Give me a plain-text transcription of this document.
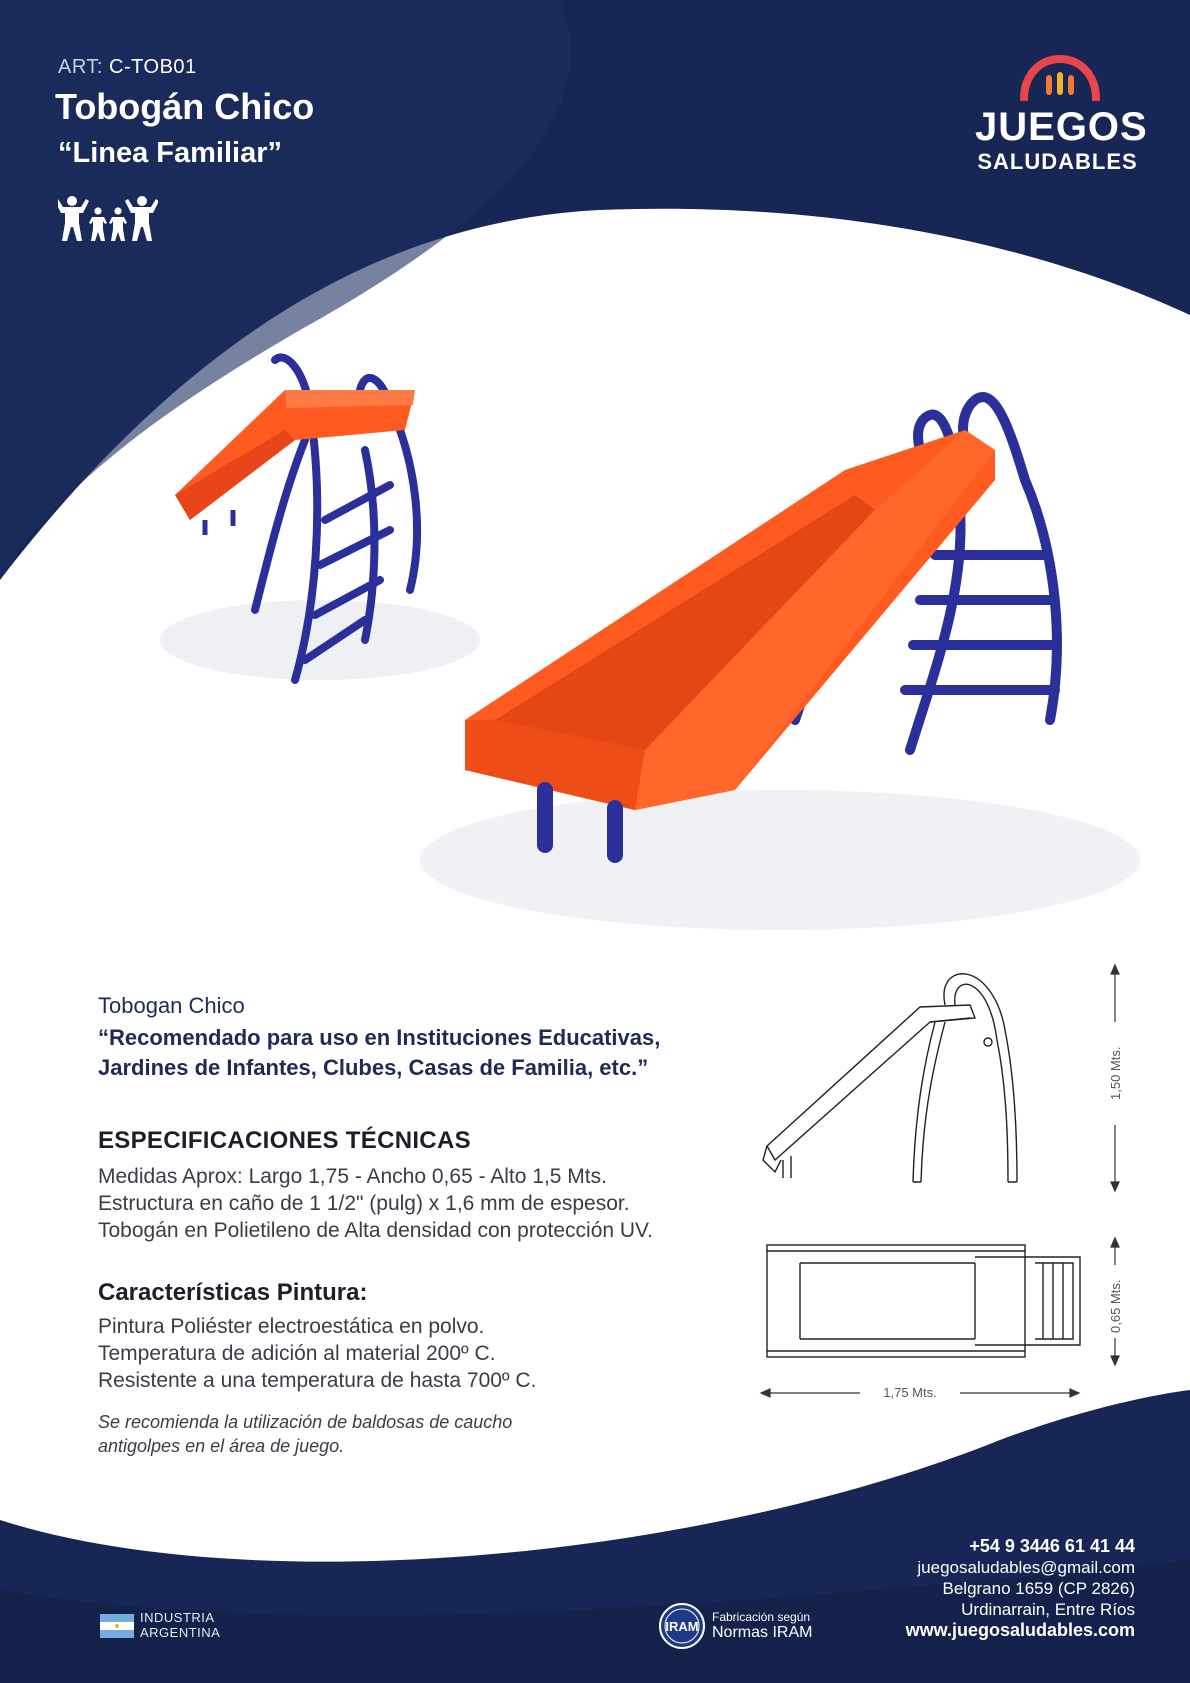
ART: C-TOB01
Tobogán Chico
“Linea Familiar”
JUEGOS
SALUDABLES
Tobogan Chico
“Recomendado para uso en Instituciones Educativas,
Jardines de Infantes, Clubes, Casas de Familia, etc.”
ESPECIFICACIONES TÉCNICAS
Medidas Aprox: Largo 1,75 - Ancho 0,65 - Alto 1,5 Mts.
Estructura en caño de 1 1/2" (pulg) x 1,6 mm de espesor.
Tobogán en Polietileno de Alta densidad con protección UV.
Características Pintura:
Pintura Poliéster electroestática en polvo.
Temperatura de adición al material 200º C.
Resistente a una temperatura de hasta 700º C.
Se recomienda la utilización de baldosas de caucho
antigolpes en el área de juego.
1,50 Mts.
0,65 Mts.
1,75 Mts.
INDUSTRIA
ARGENTINA	IRAM
Fabricación según
Normas IRAM
+54 9 3446 61 41 44
juegosaludables@gmail.com
Belgrano 1659 (CP 2826)
Urdinarrain, Entre Ríos
www.juegosaludables.com
